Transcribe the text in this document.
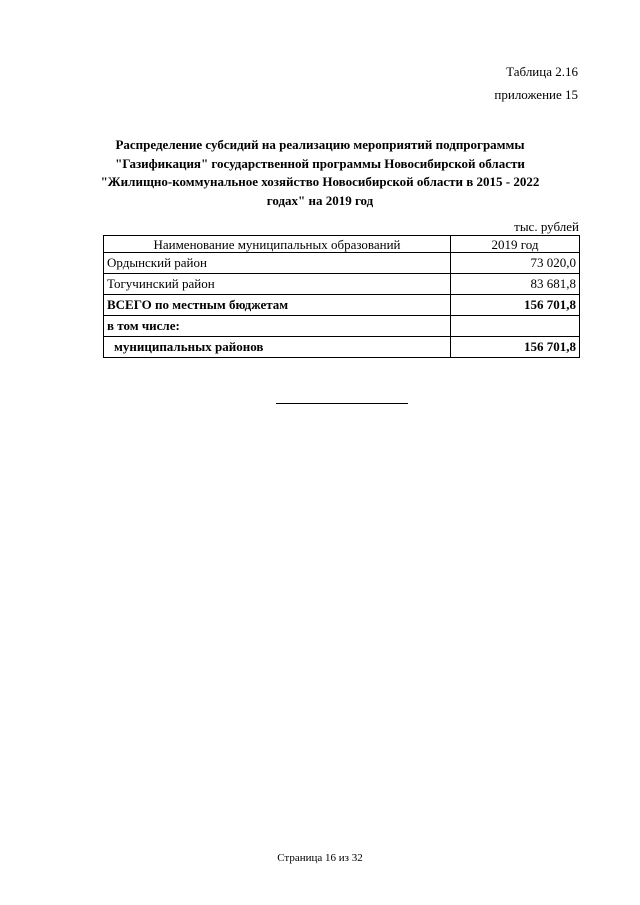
Таблица 2.16
приложение 15
Распределение субсидий на реализацию мероприятий подпрограммы
"Газификация" государственной программы Новосибирской области
"Жилищно-коммунальное хозяйство Новосибирской области в 2015 - 2022
годах" на 2019 год
тыс. рублей
Наименование муниципальных образований	2019 год
Ордынский район	73 020,0
Тогучинский район	83 681,8
ВСЕГО по местным бюджетам	156 701,8
в том числе:	
муниципальных районов	156 701,8
Страница 16 из 32
